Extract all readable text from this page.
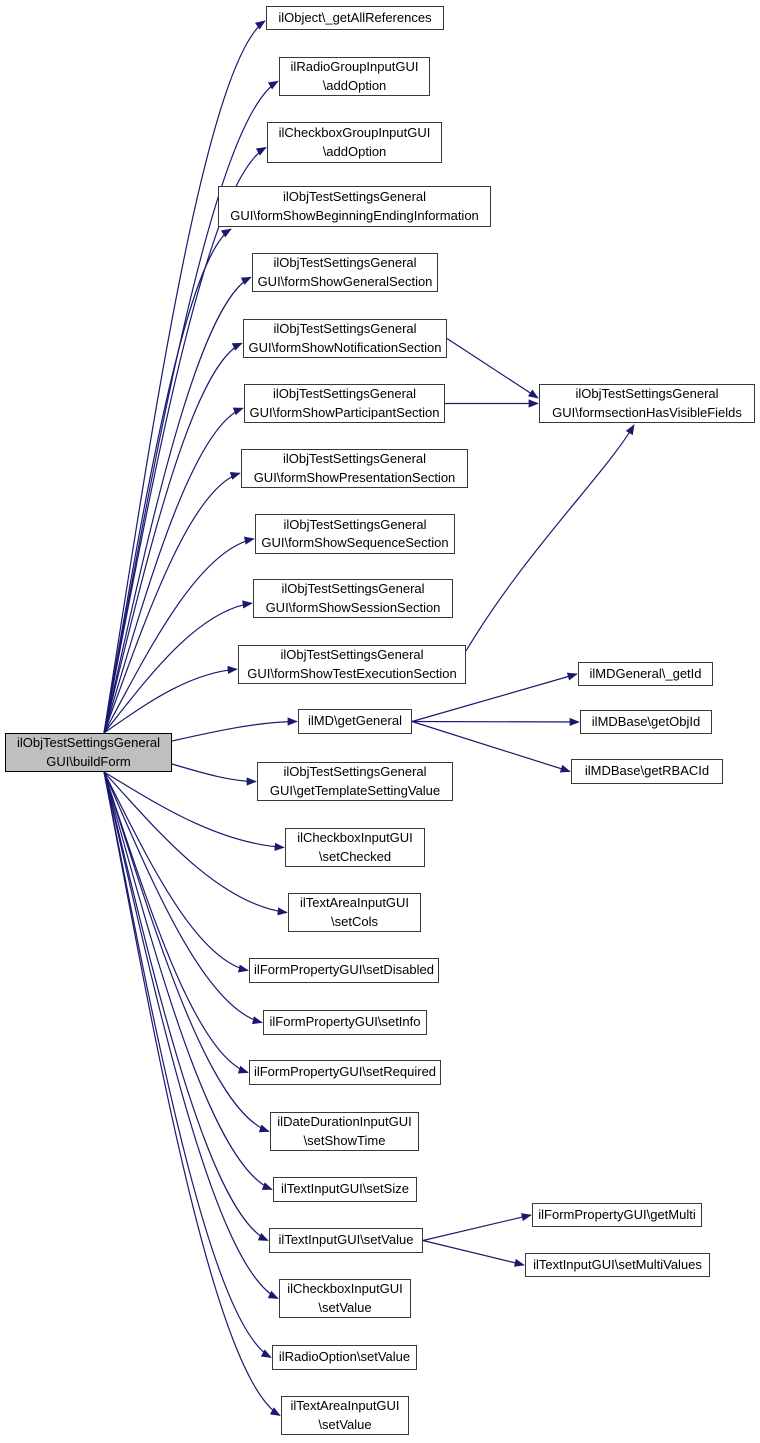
ilObjTestSettingsGeneral
GUI\buildForm
ilObject\_getAllReferences
ilRadioGroupInputGUI
\addOption
ilCheckboxGroupInputGUI
\addOption
ilObjTestSettingsGeneral
GUI\formShowBeginningEndingInformation
ilObjTestSettingsGeneral
GUI\formShowGeneralSection
ilObjTestSettingsGeneral
GUI\formShowNotificationSection
ilObjTestSettingsGeneral
GUI\formShowParticipantSection
ilObjTestSettingsGeneral
GUI\formShowPresentationSection
ilObjTestSettingsGeneral
GUI\formShowSequenceSection
ilObjTestSettingsGeneral
GUI\formShowSessionSection
ilObjTestSettingsGeneral
GUI\formShowTestExecutionSection
ilMD\getGeneral
ilObjTestSettingsGeneral
GUI\getTemplateSettingValue
ilCheckboxInputGUI
\setChecked
ilTextAreaInputGUI
\setCols
ilFormPropertyGUI\setDisabled
ilFormPropertyGUI\setInfo
ilFormPropertyGUI\setRequired
ilDateDurationInputGUI
\setShowTime
ilTextInputGUI\setSize
ilTextInputGUI\setValue
ilCheckboxInputGUI
\setValue
ilRadioOption\setValue
ilTextAreaInputGUI
\setValue
ilObjTestSettingsGeneral
GUI\formsectionHasVisibleFields
ilMDGeneral\_getId
ilMDBase\getObjId
ilMDBase\getRBACId
ilFormPropertyGUI\getMulti
ilTextInputGUI\setMultiValues
